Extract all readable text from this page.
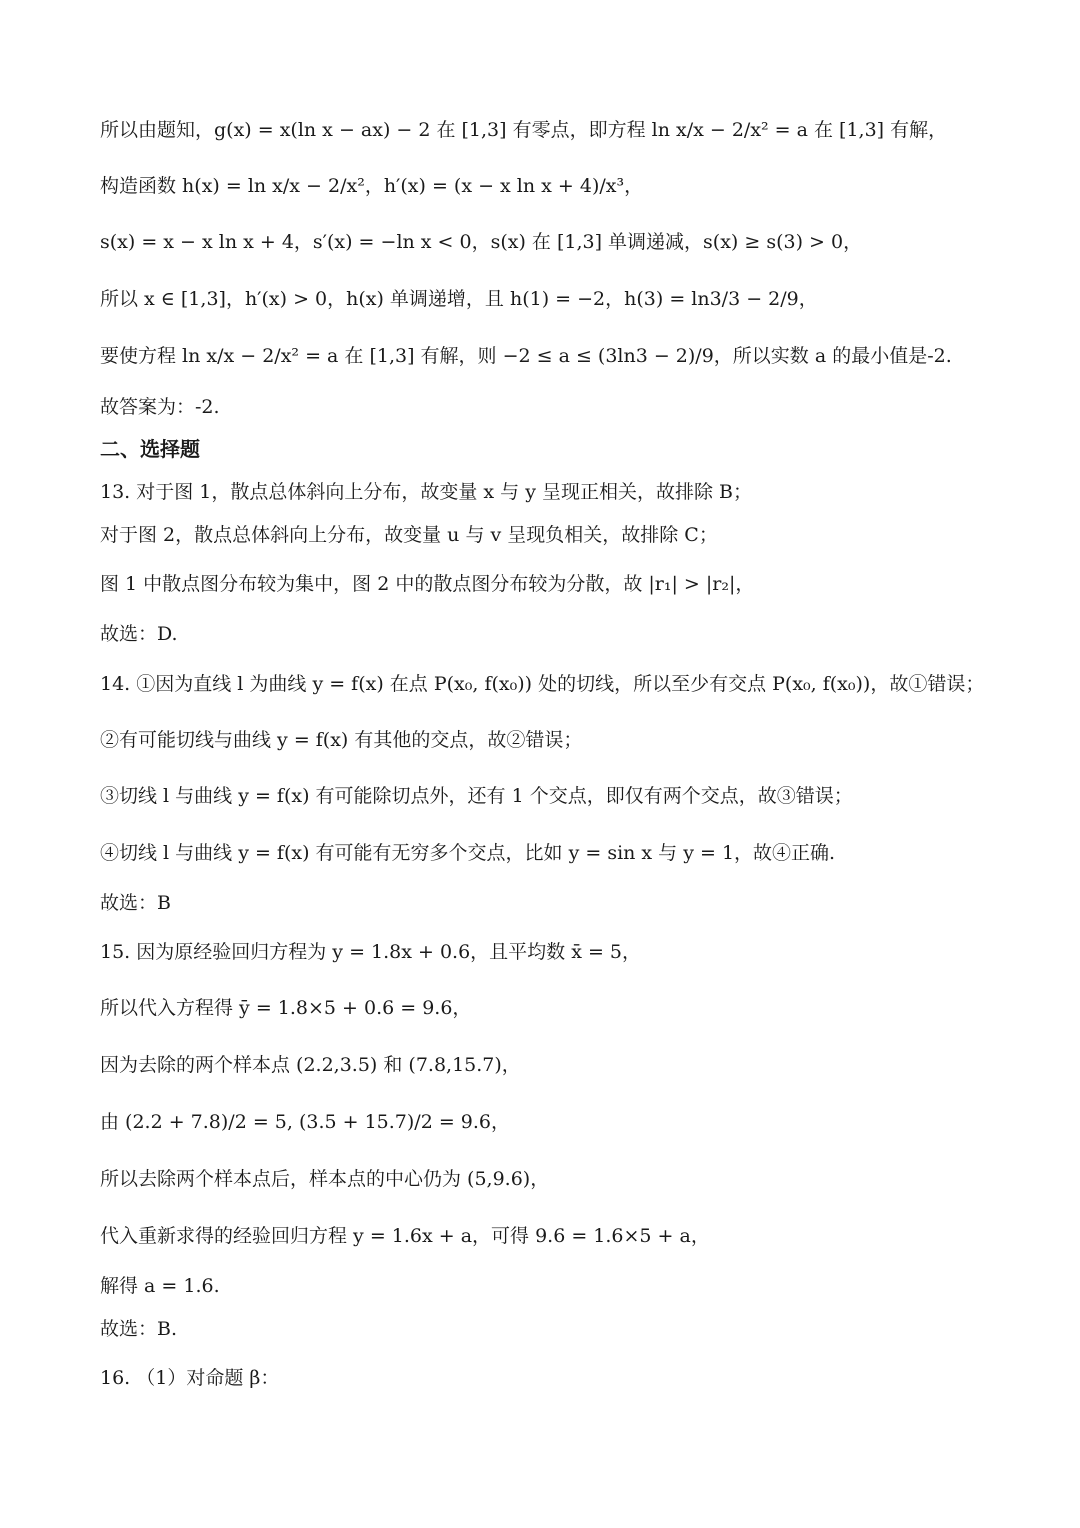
所以由题知，g(x) = x(ln x − ax) − 2 在 [1,3] 有零点，即方程 ln x/x − 2/x² = a 在 [1,3] 有解，
构造函数 h(x) = ln x/x − 2/x²，h′(x) = (x − x ln x + 4)/x³，
s(x) = x − x ln x + 4，s′(x) = −ln x < 0，s(x) 在 [1,3] 单调递减，s(x) ≥ s(3) > 0，
所以 x ∈ [1,3]，h′(x) > 0，h(x) 单调递增，且 h(1) = −2，h(3) = ln3/3 − 2/9，
要使方程 ln x/x − 2/x² = a 在 [1,3] 有解，则 −2 ≤ a ≤ (3ln3 − 2)/9，所以实数 a 的最小值是-2.
故答案为：-2.
二、选择题
13. 对于图 1，散点总体斜向上分布，故变量 x 与 y 呈现正相关，故排除 B；
对于图 2，散点总体斜向上分布，故变量 u 与 v 呈现负相关，故排除 C；
图 1 中散点图分布较为集中，图 2 中的散点图分布较为分散，故 |r₁| > |r₂|，
故选：D.
14. ①因为直线 l 为曲线 y = f(x) 在点 P(x₀, f(x₀)) 处的切线，所以至少有交点 P(x₀, f(x₀))，故①错误；
②有可能切线与曲线 y = f(x) 有其他的交点，故②错误；
③切线 l 与曲线 y = f(x) 有可能除切点外，还有 1 个交点，即仅有两个交点，故③错误；
④切线 l 与曲线 y = f(x) 有可能有无穷多个交点，比如 y = sin x 与 y = 1，故④正确.
故选：B
15. 因为原经验回归方程为 y = 1.8x + 0.6，且平均数 x̄ = 5，
所以代入方程得 ȳ = 1.8×5 + 0.6 = 9.6，
因为去除的两个样本点 (2.2,3.5) 和 (7.8,15.7)，
由 (2.2 + 7.8)/2 = 5, (3.5 + 15.7)/2 = 9.6，
所以去除两个样本点后，样本点的中心仍为 (5,9.6)，
代入重新求得的经验回归方程 y = 1.6x + a，可得 9.6 = 1.6×5 + a，
解得 a = 1.6.
故选：B.
16. （1）对命题 β：
